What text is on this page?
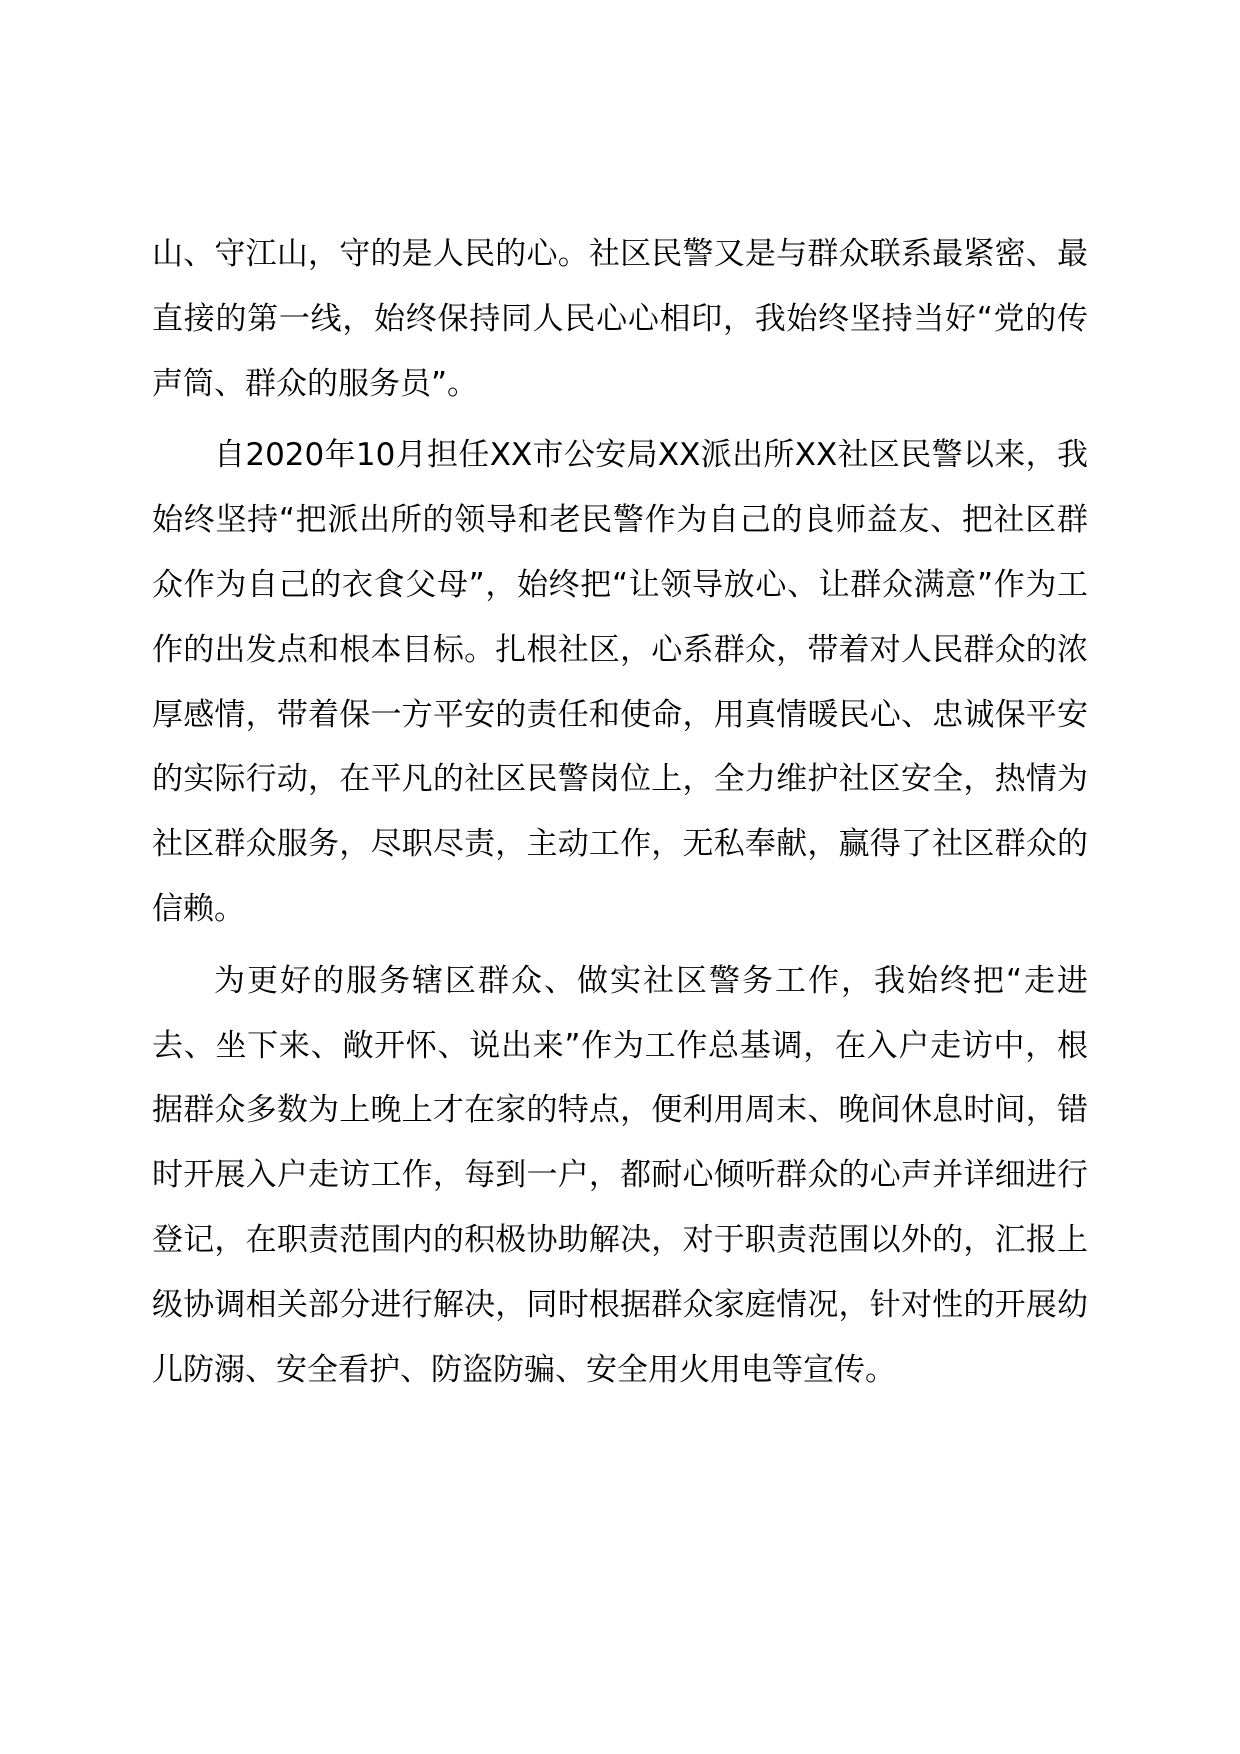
山、守江山，守的是人民的心。社区民警又是与群众联系最紧密、最直接的第一线，始终保持同人民心心相印，我始终坚持当好“党的传声筒、群众的服务员”。

自2020年10月担任XX市公安局XX派出所XX社区民警以来，我始终坚持“把派出所的领导和老民警作为自己的良师益友、把社区群众作为自己的衣食父母”，始终把“让领导放心、让群众满意”作为工作的出发点和根本目标。扎根社区，心系群众，带着对人民群众的浓厚感情，带着保一方平安的责任和使命，用真情暖民心、忠诚保平安的实际行动，在平凡的社区民警岗位上，全力维护社区安全，热情为社区群众服务，尽职尽责，主动工作，无私奉献，赢得了社区群众的信赖。

为更好的服务辖区群众、做实社区警务工作，我始终把“走进去、坐下来、敞开怀、说出来”作为工作总基调，在入户走访中，根据群众多数为上晚上才在家的特点，便利用周末、晚间休息时间，错时开展入户走访工作，每到一户，都耐心倾听群众的心声并详细进行登记，在职责范围内的积极协助解决，对于职责范围以外的，汇报上级协调相关部分进行解决，同时根据群众家庭情况，针对性的开展幼儿防溺、安全看护、防盗防骗、安全用火用电等宣传。
